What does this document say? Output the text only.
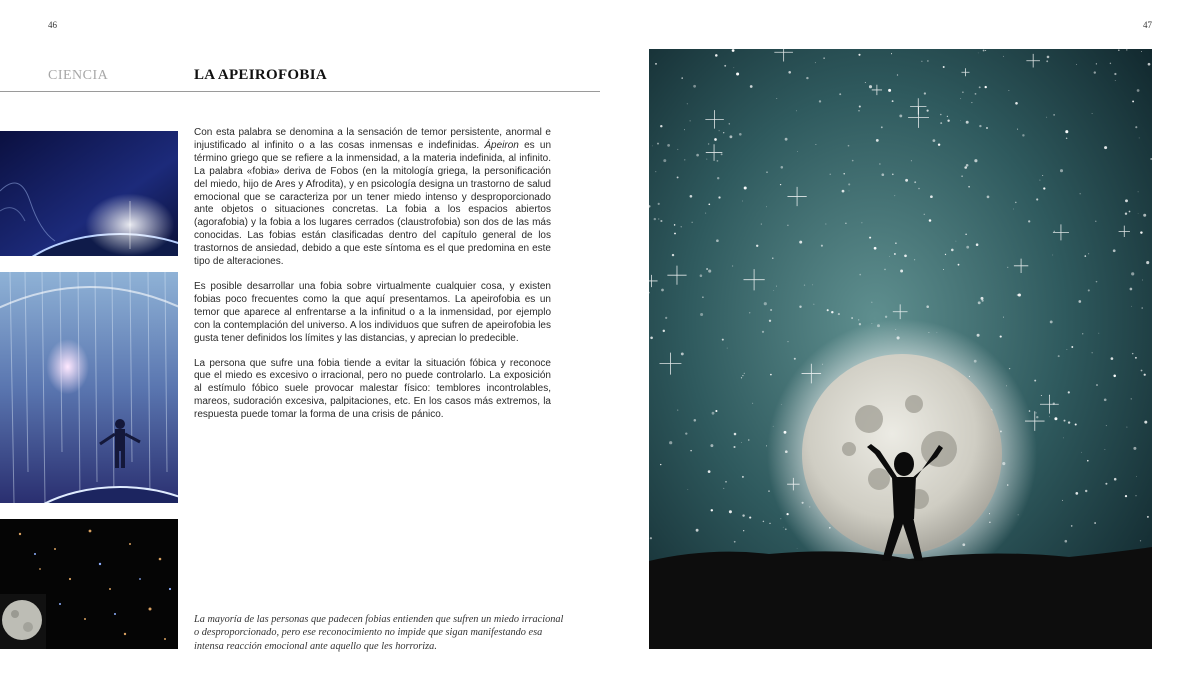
46	47
CIENCIA	LA APEIROFOBIA

Con esta palabra se denomina a la sensación de temor persistente, anormal e injustificado al infinito o a las cosas inmensas e indefinidas. Ápeiron es un término griego que se refiere a la inmensidad, a la materia indefinida, al infinito. La palabra «fobia» deriva de Fobos (en la mitología griega, la personificación del miedo, hijo de Ares y Afrodita), y en psicología designa un trastorno de salud emocional que se caracteriza por un tener miedo intenso y desproporcionado ante objetos o situaciones concretas. La fobia a los espacios abiertos (agorafobia) y la fobia a los lugares cerrados (claustrofobia) son dos de las más conocidas. Las fobias están clasificadas dentro del capítulo general de los trastornos de ansiedad, debido a que este síntoma es el que predomina en este tipo de alteraciones.

Es posible desarrollar una fobia sobre virtualmente cualquier cosa, y existen fobias poco frecuentes como la que aquí presentamos. La apeirofobia es un temor que aparece al enfrentarse a la infinitud o a la inmensidad, por ejemplo con la contemplación del universo. A los individuos que sufren de apeirofobia les gusta tener definidos los límites y las distancias, y aprecian lo predecible.

La persona que sufre una fobia tiende a evitar la situación fóbica y reconoce que el miedo es excesivo o irracional, pero no puede controlarlo. La exposición al estímulo fóbico suele provocar malestar físico: temblores incontrolables, mareos, sudoración excesiva, palpitaciones, etc. En los casos más extremos, la respuesta puede tomar la forma de una crisis de pánico.

La mayoría de las personas que padecen fobias entienden que sufren un miedo irracional o desproporcionado, pero ese reconocimiento no impide que sigan manifestando esa intensa reacción emocional ante aquello que les horroriza.
